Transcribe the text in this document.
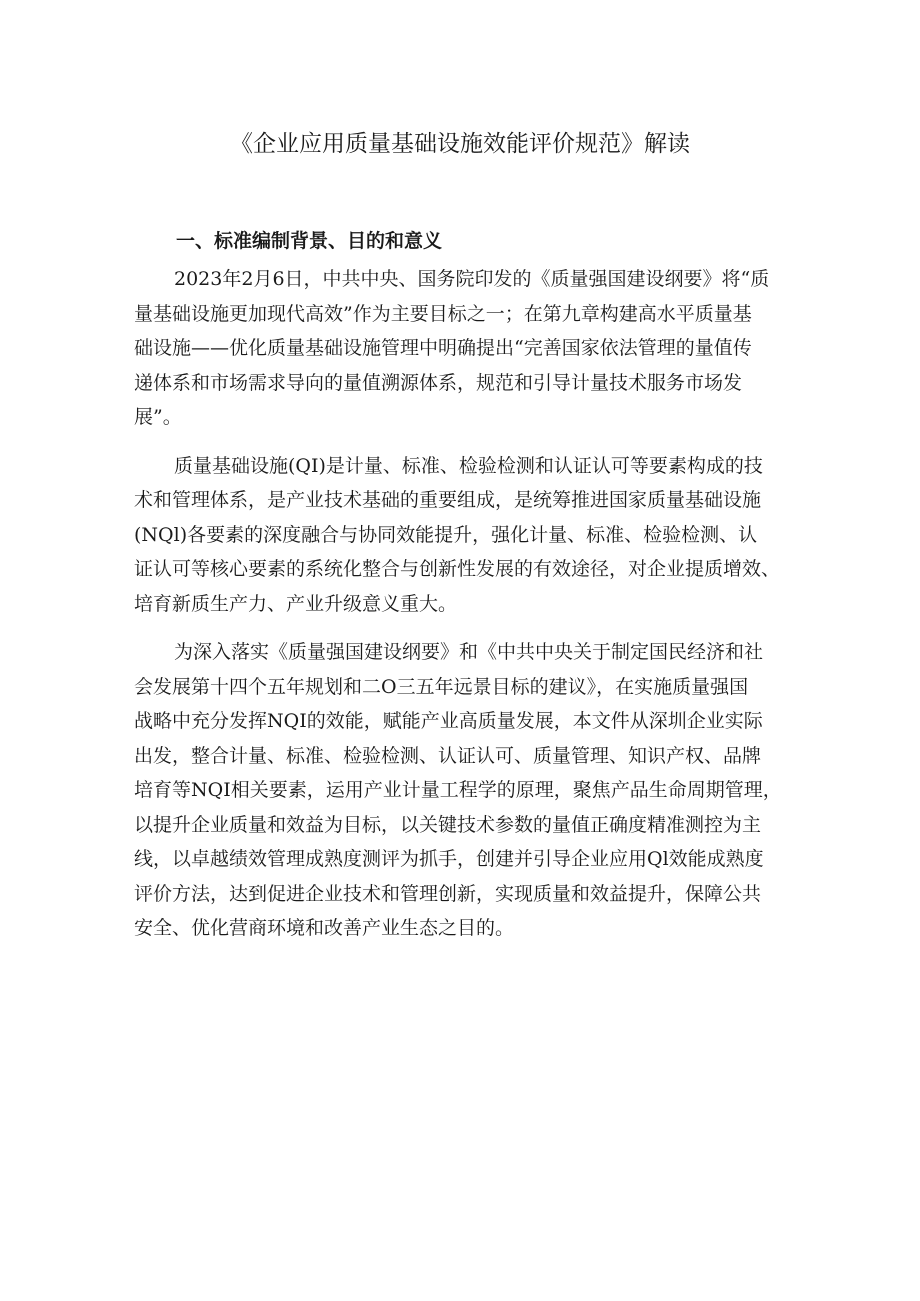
《企业应用质量基础设施效能评价规范》解读
一、标准编制背景、目的和意义
2023年2月6日，中共中央、国务院印发的《质量强国建设纲要》将“质
量基础设施更加现代高效”作为主要目标之一；在第九章构建高水平质量基
础设施——优化质量基础设施管理中明确提出“完善国家依法管理的量值传
递体系和市场需求导向的量值溯源体系，规范和引导计量技术服务市场发
展”。
质量基础设施(QI)是计量、标准、检验检测和认证认可等要素构成的技
术和管理体系，是产业技术基础的重要组成，是统筹推进国家质量基础设施
(NQl)各要素的深度融合与协同效能提升，强化计量、标准、检验检测、认
证认可等核心要素的系统化整合与创新性发展的有效途径，对企业提质增效、
培育新质生产力、产业升级意义重大。
为深入落实《质量强国建设纲要》和《中共中央关于制定国民经济和社
会发展第十四个五年规划和二O三五年远景目标的建议》，在实施质量强国
战略中充分发挥NQI的效能，赋能产业高质量发展，本文件从深圳企业实际
出发，整合计量、标准、检验检测、认证认可、质量管理、知识产权、品牌
培育等NQI相关要素，运用产业计量工程学的原理，聚焦产品生命周期管理，
以提升企业质量和效益为目标，以关键技术参数的量值正确度精准测控为主
线，以卓越绩效管理成熟度测评为抓手，创建并引导企业应用Ql效能成熟度
评价方法，达到促进企业技术和管理创新，实现质量和效益提升，保障公共
安全、优化营商环境和改善产业生态之目的。
